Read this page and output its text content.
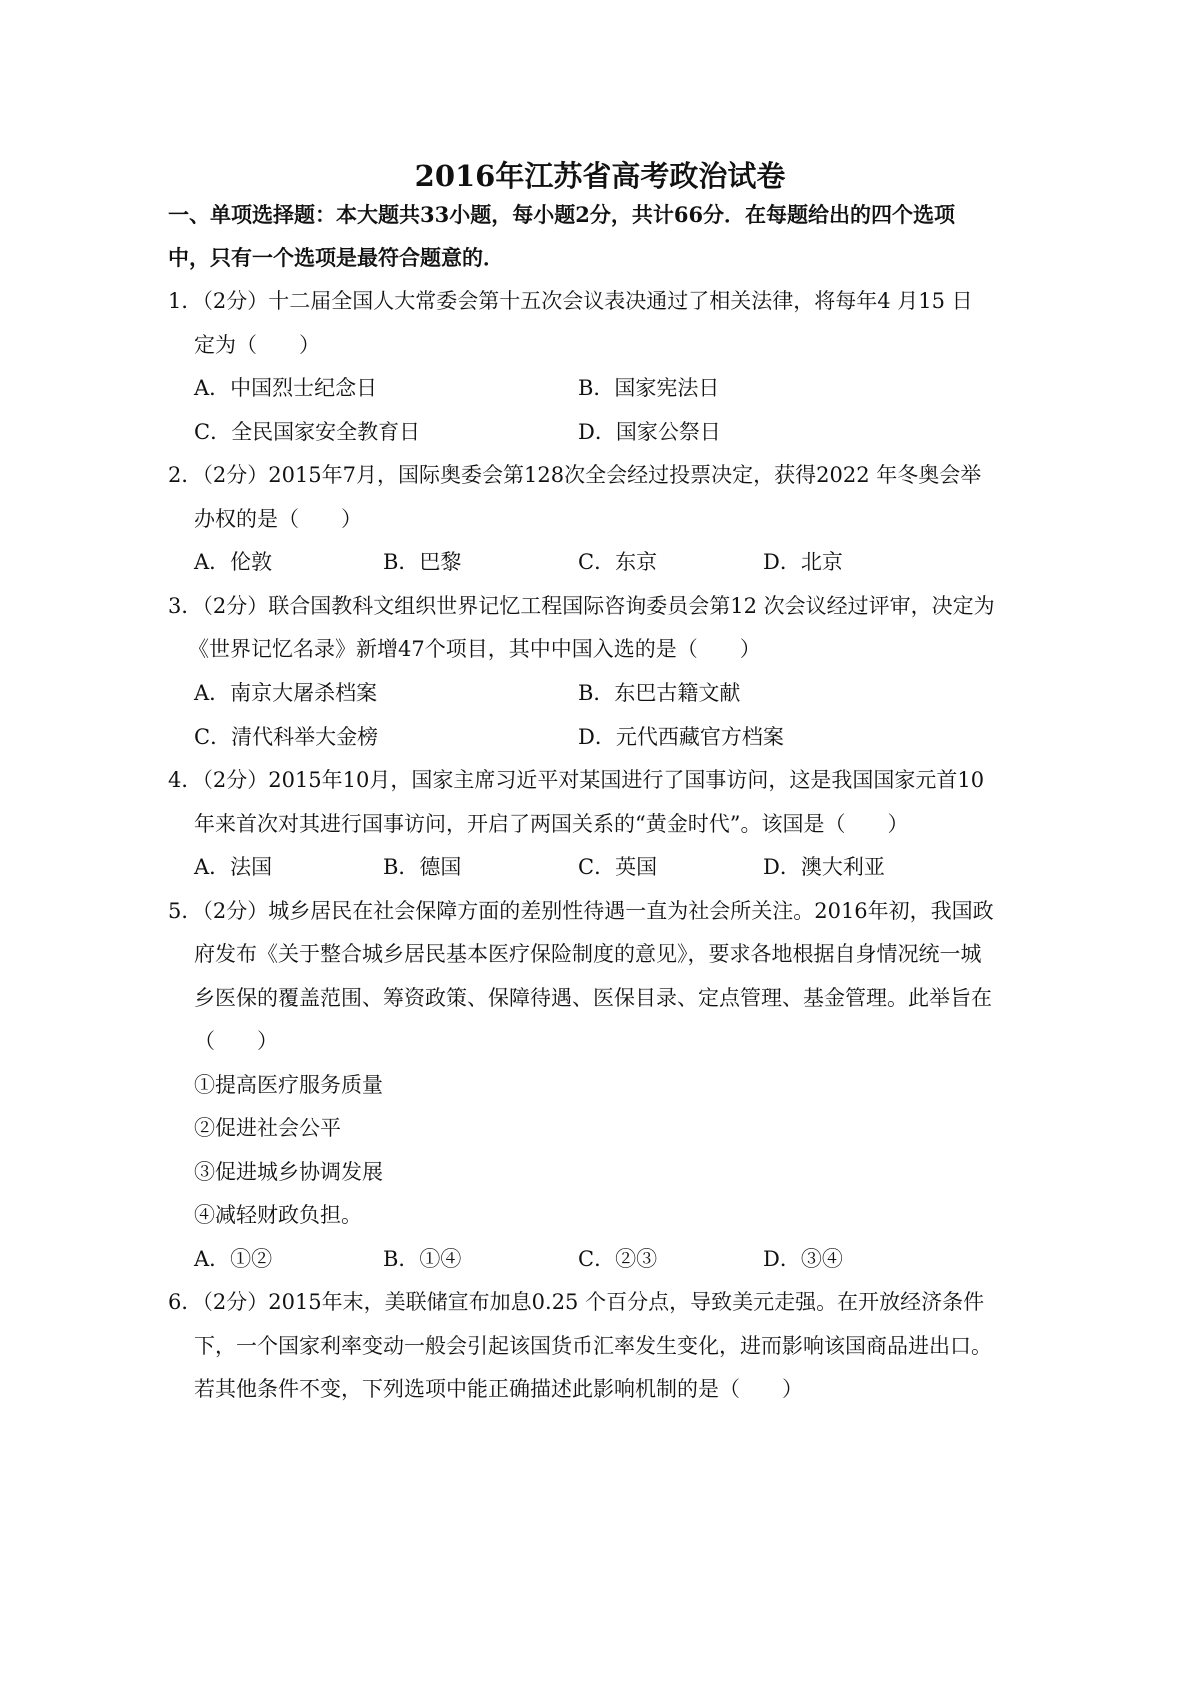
2016年江苏省高考政治试卷
一、单项选择题：本大题共33小题，每小题2分，共计66分．在每题给出的四个选项
中，只有一个选项是最符合题意的．
1．（2分）十二届全国人大常委会第十五次会议表决通过了相关法律，将每年4 月15 日
定为（　　）
A．中国烈士纪念日	B．国家宪法日
C．全民国家安全教育日	D．国家公祭日
2．（2分）2015年7月，国际奥委会第128次全会经过投票决定，获得2022 年冬奥会举
办权的是（　　）
A．伦敦	B．巴黎	C．东京	D．北京
3．（2分）联合国教科文组织世界记忆工程国际咨询委员会第12 次会议经过评审，决定为
《世界记忆名录》新增47个项目，其中中国入选的是（　　）
A．南京大屠杀档案	B．东巴古籍文献
C．清代科举大金榜	D．元代西藏官方档案
4．（2分）2015年10月，国家主席习近平对某国进行了国事访问，这是我国国家元首10
年来首次对其进行国事访问，开启了两国关系的“黄金时代”。该国是（　　）
A．法国	B．德国	C．英国	D．澳大利亚
5．（2分）城乡居民在社会保障方面的差别性待遇一直为社会所关注。2016年初，我国政
府发布《关于整合城乡居民基本医疗保险制度的意见》，要求各地根据自身情况统一城
乡医保的覆盖范围、筹资政策、保障待遇、医保目录、定点管理、基金管理。此举旨在
（　　）
①提高医疗服务质量
②促进社会公平
③促进城乡协调发展
④减轻财政负担。
A．①②	B．①④	C．②③	D．③④
6．（2分）2015年末，美联储宣布加息0.25 个百分点，导致美元走强。在开放经济条件
下，一个国家利率变动一般会引起该国货币汇率发生变化，进而影响该国商品进出口。
若其他条件不变，下列选项中能正确描述此影响机制的是（　　）
